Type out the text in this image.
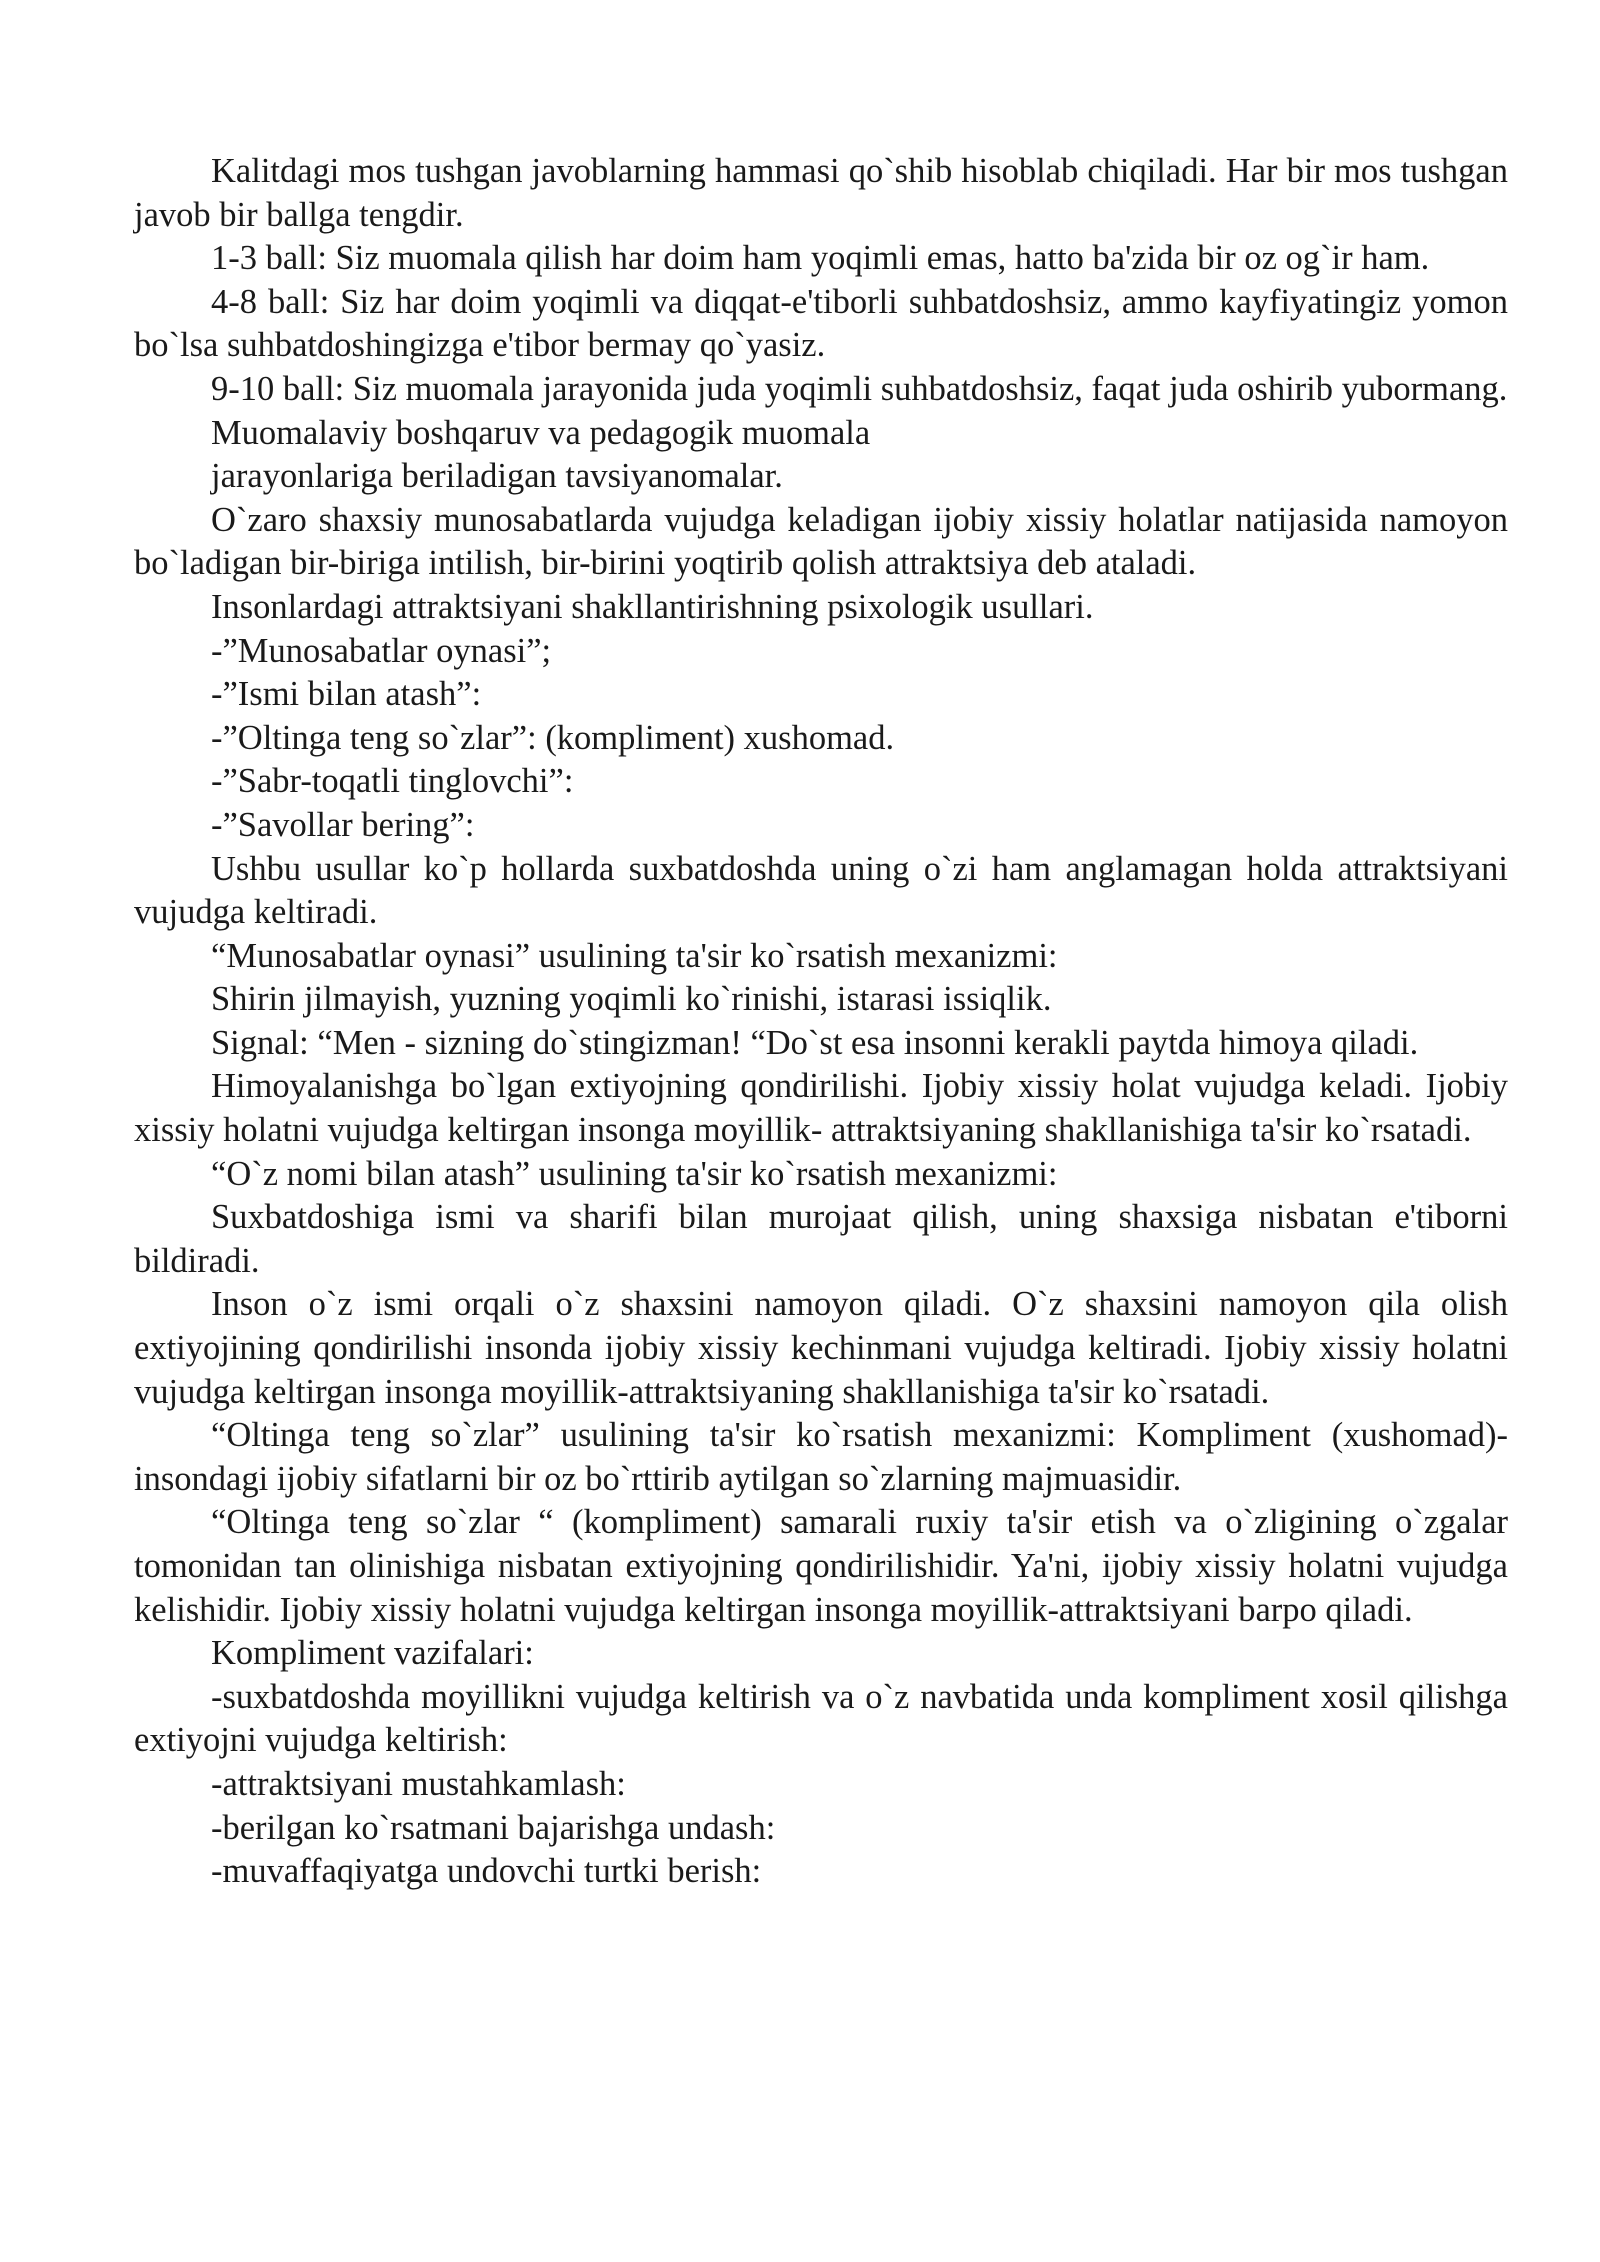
Kalitdagi mos tushgan javoblarning hammasi qo`shib hisoblab chiqiladi. Har bir mos tushgan javob bir ballga tengdir.

1-3 ball: Siz muomala qilish har doim ham yoqimli emas, hatto ba'zida bir oz og`ir ham.

4-8 ball: Siz har doim yoqimli va diqqat-e'tiborli suhbatdoshsiz, ammo kayfiyatingiz yomon bo`lsa suhbatdoshingizga e'tibor bermay qo`yasiz.

9-10 ball: Siz muomala jarayonida juda yoqimli suhbatdoshsiz, faqat juda oshirib yubormang.

Muomalaviy boshqaruv va pedagogik muomala

jarayonlariga beriladigan tavsiyanomalar.

O`zaro shaxsiy munosabatlarda vujudga keladigan ijobiy xissiy holatlar natijasida namoyon bo`ladigan bir-biriga intilish, bir-birini yoqtirib qolish attraktsiya deb ataladi.

Insonlardagi attraktsiyani shakllantirishning psixologik usullari.

-”Munosabatlar oynasi”;

-”Ismi bilan atash”:

-”Oltinga teng so`zlar”: (kompliment) xushomad.

-”Sabr-toqatli tinglovchi”:

-”Savollar bering”:

Ushbu usullar ko`p hollarda suxbatdoshda uning o`zi ham anglamagan holda attraktsiyani vujudga keltiradi.

“Munosabatlar oynasi” usulining ta'sir ko`rsatish mexanizmi:

Shirin jilmayish, yuzning yoqimli ko`rinishi, istarasi issiqlik.

Signal: “Men - sizning do`stingizman! “Do`st esa insonni kerakli paytda himoya qiladi.

Himoyalanishga bo`lgan extiyojning qondirilishi. Ijobiy xissiy holat vujudga keladi. Ijobiy xissiy holatni vujudga keltirgan insonga moyillik- attraktsiyaning shakllanishiga ta'sir ko`rsatadi.

“O`z nomi bilan atash” usulining ta'sir ko`rsatish mexanizmi:

Suxbatdoshiga ismi va sharifi bilan murojaat qilish, uning shaxsiga nisbatan e'tiborni bildiradi.

Inson o`z ismi orqali o`z shaxsini namoyon qiladi. O`z shaxsini namoyon qila olish extiyojining qondirilishi insonda ijobiy xissiy kechinmani vujudga keltiradi. Ijobiy xissiy holatni vujudga keltirgan insonga moyillik-attraktsiyaning shakllanishiga ta'sir ko`rsatadi.

“Oltinga teng so`zlar” usulining ta'sir ko`rsatish mexanizmi: Kompliment (xushomad)- insondagi ijobiy sifatlarni bir oz bo`rttirib aytilgan so`zlarning majmuasidir.

“Oltinga teng so`zlar “ (kompliment) samarali ruxiy ta'sir etish va o`zligining o`zgalar tomonidan tan olinishiga nisbatan extiyojning qondirilishidir. Ya'ni, ijobiy xissiy holatni vujudga kelishidir. Ijobiy xissiy holatni vujudga keltirgan insonga moyillik-attraktsiyani barpo qiladi.

Kompliment vazifalari:

-suxbatdoshda moyillikni vujudga keltirish va o`z navbatida unda kompliment xosil qilishga extiyojni vujudga keltirish:

-attraktsiyani mustahkamlash:

-berilgan ko`rsatmani bajarishga undash:

-muvaffaqiyatga undovchi turtki berish:
